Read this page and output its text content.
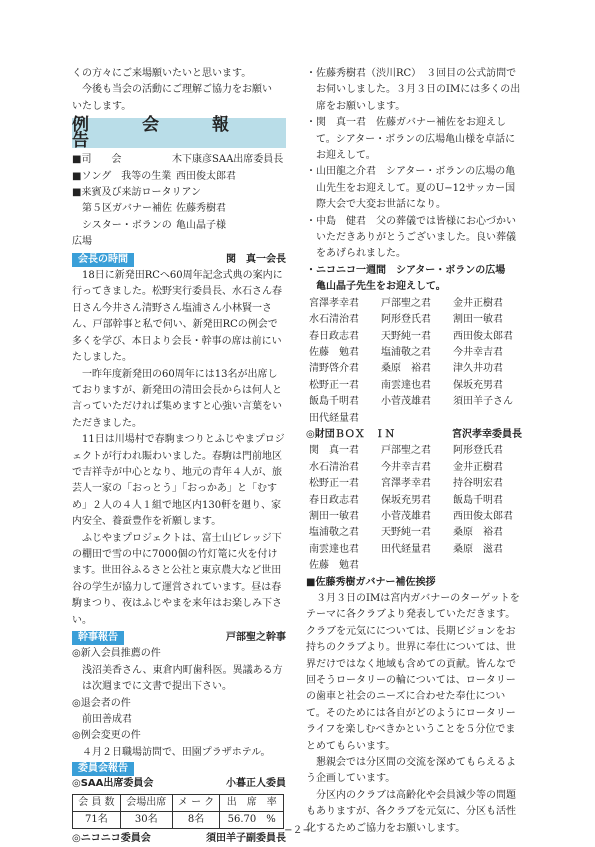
くの方々にご来場願いたいと思います。

今後も当会の活動にご理解ご協力をお願い

いたします。

例　会　報　告
■司　　会	木下康彦SAA出席委員長
■ソング　我等の生業 西田俊太郎君
■来賓及び来訪ロータリアン
　第５区ガバナー補佐 佐藤秀樹君
　シスター・ボランの広場
亀山晶子様
会長の時間	関　真一会長

18日に新発田RCへ60周年記念式典の案内に行ってきました。松野実行委員長、水石さん春日さん今井さん清野さん塩浦さん小林賢一さん、戸部幹事と私で伺い、新発田RCの例会で多くを学び、本日より会長・幹事の席は前にいたしました。

一昨年度新発田の60周年には13名が出席しておりますが、新発田の清田会長からは何人と言っていただければ集めますと心強い言葉をいただきました。

11日は川場村で春駒まつりとふじやまプロジェクトが行われ賑わいました。春駒は門前地区で吉祥寺が中心となり、地元の青年４人が、旅芸人一家の「おっとう」「おっかあ」と「むすめ」２人の４人１組で地区内130軒を廻り、家内安全、養蚕豊作を祈願します。

ふじやまプロジェクトは、富士山ビレッジ下の棚田で雪の中に7000個の竹灯篭に火を付けます。世田谷ふるさと公社と東京農大など世田谷の学生が協力して運営されています。昼は春駒まつり、夜はふじやまを来年はお楽しみ下さい。

幹事報告	戸部聖之幹事

◎新入会員推薦の件

浅沼美香さん、東倉内町歯科医。異議ある方は次週までに文書で提出下さい。

◎退会者の件

前田善成君

◎例会変更の件

４月２日職場訪問で、田園プラザホテル。

委員会報告
◎SAA出席委員会	小暮正人委員
会 員 数	会場出席	メ ー ク	出　席　率
71名	30名	8名	56.70　%
◎ニコニコ委員会	須田羊子副委員長

・佐藤秀樹君（渋川RC）　３回目の公式訪問でお伺いしました。３月３日のIMには多くの出席をお願いします。

・関　真一君　佐藤ガバナー補佐をお迎えして。シアター・ボランの広場亀山様を卓話にお迎えして。

・山田龍之介君　シアター・ボランの広場の亀山先生をお迎えして。夏のU−12サッカー国際大会で大変お世話になり。

・中島　健君　父の葬儀では皆様にお心づかいいただきありがとうございました。良い葬儀をあげられました。

・ニコニコ一週間　シアター・ボランの広場

亀山晶子先生をお迎えして。

宮澤孝幸君	戸部聖之君	金井正樹君
水石清治君	阿形登氏君	割田一敏君
春日政志君	天野純一君	西田俊太郎君
佐藤　勉君	塩浦敬之君	今井幸吉君
清野啓介君	桑原　裕君	津久井功君
松野正一君	南雲達也君	保坂充男君
飯島千明君	小菅茂雄君	須田羊子さん
田代経量君
◎財団ＢＯＸ　ＩＮ	宮沢孝幸委員長
関　真一君	戸部聖之君	阿形登氏君
水石清治君	今井幸吉君	金井正樹君
松野正一君	宮澤孝幸君	持谷明宏君
春日政志君	保坂充男君	飯島千明君
割田一敏君	小菅茂雄君	西田俊太郎君
塩浦敬之君	天野純一君	桑原　裕君
南雲達也君	田代経量君	桑原　滋君
佐藤　勉君

■佐藤秀樹ガバナー補佐挨拶

３月３日のIMは宮内ガバナーのターゲットをテーマに各クラブより発表していただきます。クラブを元気にについては、長期ビジョンをお持ちのクラブより。世界に奉仕については、世界だけではなく地域も含めての貢献。皆んなで回そうロータリーの輪については、ロータリーの歯車と社会のニーズに合わせた奉仕について。そのためには各自がどのようにロータリーライフを楽しむべきかということを５分位でまとめてもらいます。

懇親会では分区間の交流を深めてもらえるよう企画しています。

分区内のクラブは高齢化や会員減少等の問題もありますが、各クラブを元気に、分区も活性化するためご協力をお願いします。

−２−
